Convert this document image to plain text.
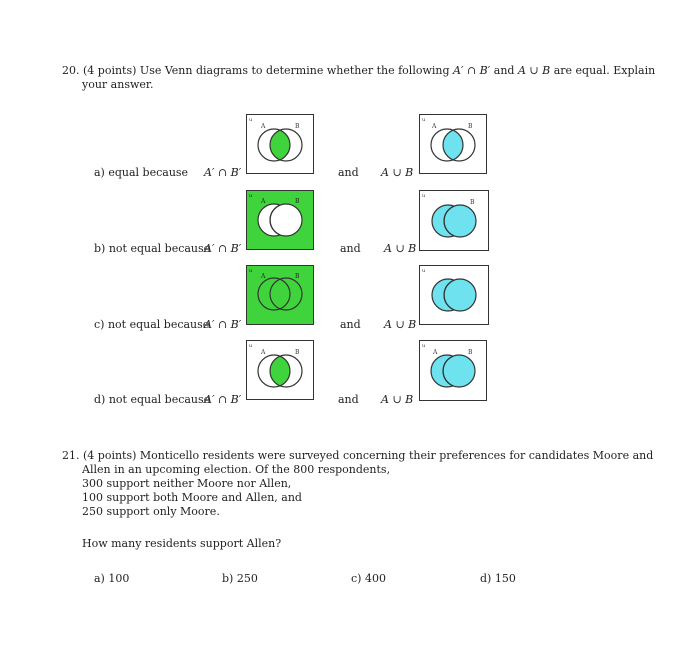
20. (4 points) Use Venn diagrams to determine whether the following A′ ∩ B′ and A ∪ B are equal. Explain
your answer.
a) equal because A′ ∩ B′	and A ∪ B
b) not equal because
A′ ∩ B′	and A ∪ B
c) not equal because
A′ ∩ B′	and A ∪ B
d) not equal because
A′ ∩ B′	and A ∪ B
u
A	B
u
A	B
u
A	B
u
B
u
A	B
u
u
A	B
u
A	B
21. (4 points) Monticello residents were surveyed concerning their preferences for candidates Moore and
Allen in an upcoming election. Of the 800 respondents,
300 support neither Moore nor Allen,
100 support both Moore and Allen, and
250 support only Moore.
How many residents support Allen?
a) 100	b) 250	c) 400	d) 150
